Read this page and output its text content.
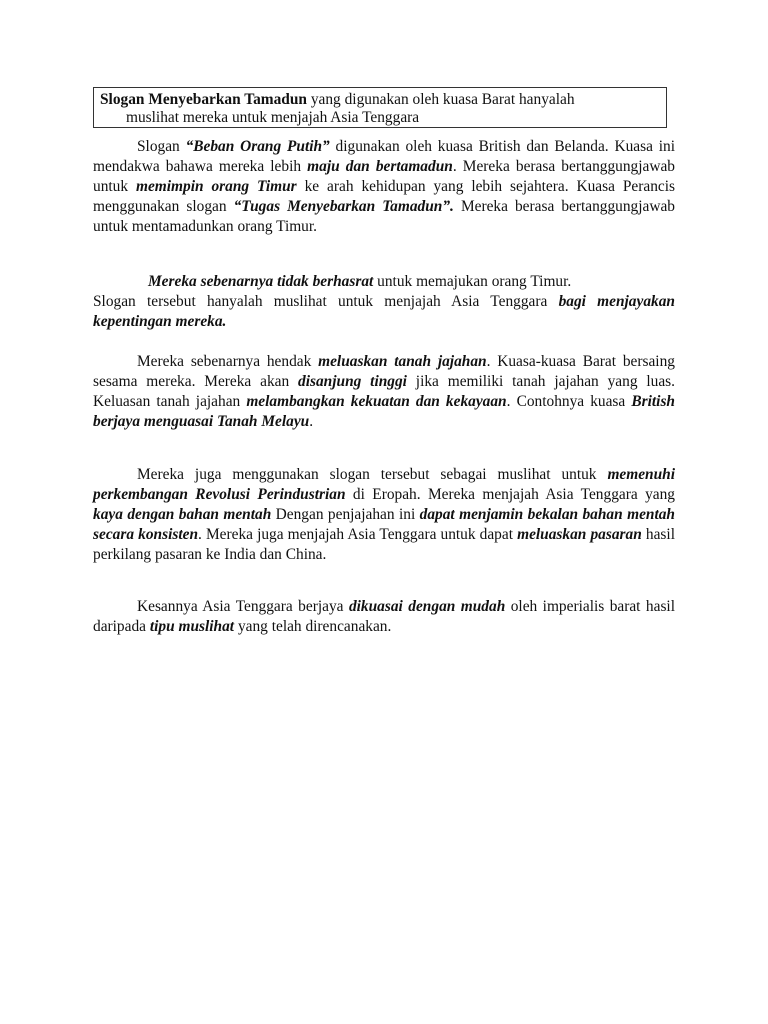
Slogan Menyebarkan Tamadun yang digunakan oleh kuasa Barat hanyalah
muslihat mereka untuk menjajah Asia Tenggara

Slogan “Beban Orang Putih” digunakan oleh kuasa British dan Belanda. Kuasa ini mendakwa bahawa mereka lebih maju dan bertamadun. Mereka berasa bertanggungjawab untuk memimpin orang Timur ke arah kehidupan yang lebih sejahtera. Kuasa Perancis menggunakan slogan “Tugas Menyebarkan Tamadun”. Mereka berasa bertanggungjawab untuk mentamadunkan orang Timur.

Mereka sebenarnya tidak berhasrat untuk memajukan orang Timur.
Slogan tersebut hanyalah muslihat untuk menjajah Asia Tenggara bagi menjayakan kepentingan mereka.

Mereka sebenarnya hendak meluaskan tanah jajahan. Kuasa-kuasa Barat bersaing sesama mereka. Mereka akan disanjung tinggi jika memiliki tanah jajahan yang luas. Keluasan tanah jajahan melambangkan kekuatan dan kekayaan. Contohnya kuasa British berjaya menguasai Tanah Melayu.

Mereka juga menggunakan slogan tersebut sebagai muslihat untuk memenuhi perkembangan Revolusi Perindustrian di Eropah. Mereka menjajah Asia Tenggara yang kaya dengan bahan mentah Dengan penjajahan ini dapat menjamin bekalan bahan mentah secara konsisten. Mereka juga menjajah Asia Tenggara untuk dapat meluaskan pasaran hasil perkilang pasaran ke India dan China.

Kesannya Asia Tenggara berjaya dikuasai dengan mudah oleh imperialis barat hasil daripada tipu muslihat yang telah direncanakan.
